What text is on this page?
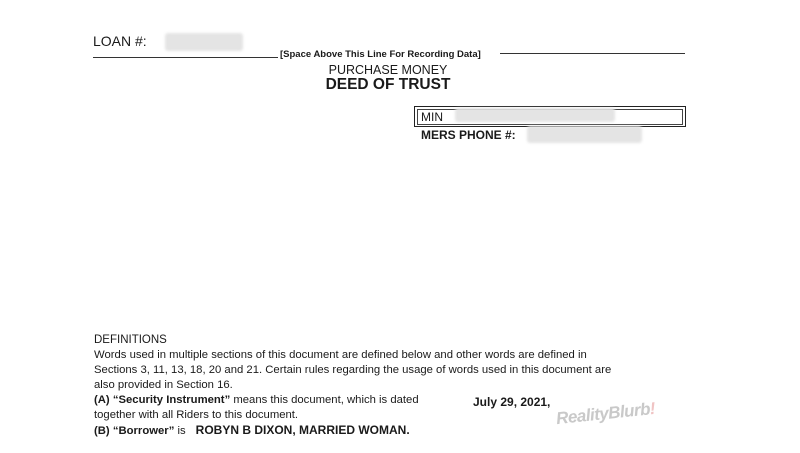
LOAN #:
[Space Above This Line For Recording Data]
PURCHASE MONEY
DEED OF TRUST
MIN
MERS PHONE #:
DEFINITIONS

Words used in multiple sections of this document are defined below and other words are defined in

Sections 3, 11, 13, 18, 20 and 21. Certain rules regarding the usage of words used in this document are

also provided in Section 16.

(A) “Security Instrument” means this document, which is dated

together with all Riders to this document.

(B) “Borrower” is ROBYN B DIXON, MARRIED WOMAN.

July 29, 2021, RealityBlurb!
